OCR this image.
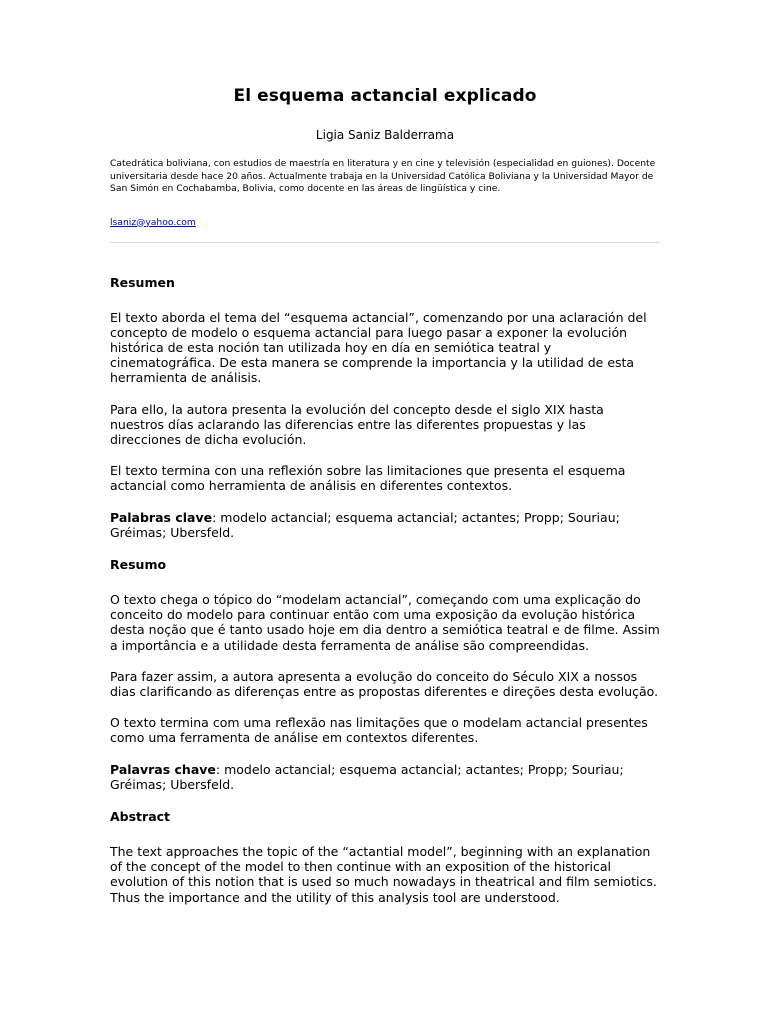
El esquema actancial explicado
Ligia Saniz Balderrama
Catedrática boliviana, con estudios de maestría en literatura y en cine y televisión (especialidad en guiones). Docente universitaria desde hace 20 años. Actualmente trabaja en la Universidad Católica Boliviana y la Universidad Mayor de San Simón en Cochabamba, Bolivia, como docente en las áreas de lingüística y cine.
lsaniz@yahoo.com
Resumen

El texto aborda el tema del “esquema actancial”, comenzando por una aclaración del concepto de modelo o esquema actancial para luego pasar a exponer la evolución histórica de esta noción tan utilizada hoy en día en semiótica teatral y cinematográfica. De esta manera se comprende la importancia y la utilidad de esta herramienta de análisis.

Para ello, la autora presenta la evolución del concepto desde el siglo XIX hasta nuestros días aclarando las diferencias entre las diferentes propuestas y las direcciones de dicha evolución.

El texto termina con una reflexión sobre las limitaciones que presenta el esquema actancial como herramienta de análisis en diferentes contextos.

Palabras clave: modelo actancial; esquema actancial; actantes; Propp; Souriau; Gréimas; Ubersfeld.

Resumo

O texto chega o tópico do “modelam actancial”, começando com uma explicação do conceito do modelo para continuar então com uma exposição da evolução histórica desta noção que é tanto usado hoje em dia dentro a semiótica teatral e de filme. Assim a importância e a utilidade desta ferramenta de análise são compreendidas.

Para fazer assim, a autora apresenta a evolução do conceito do Século XIX a nossos dias clarificando as diferenças entre as propostas diferentes e direções desta evolução.

O texto termina com uma reflexão nas limitações que o modelam actancial presentes como uma ferramenta de análise em contextos diferentes.

Palavras chave: modelo actancial; esquema actancial; actantes; Propp; Souriau; Gréimas; Ubersfeld.

Abstract

The text approaches the topic of the “actantial model”, beginning with an explanation of the concept of the model to then continue with an exposition of the historical evolution of this notion that is used so much nowadays in theatrical and film semiotics. Thus the importance and the utility of this analysis tool are understood.
